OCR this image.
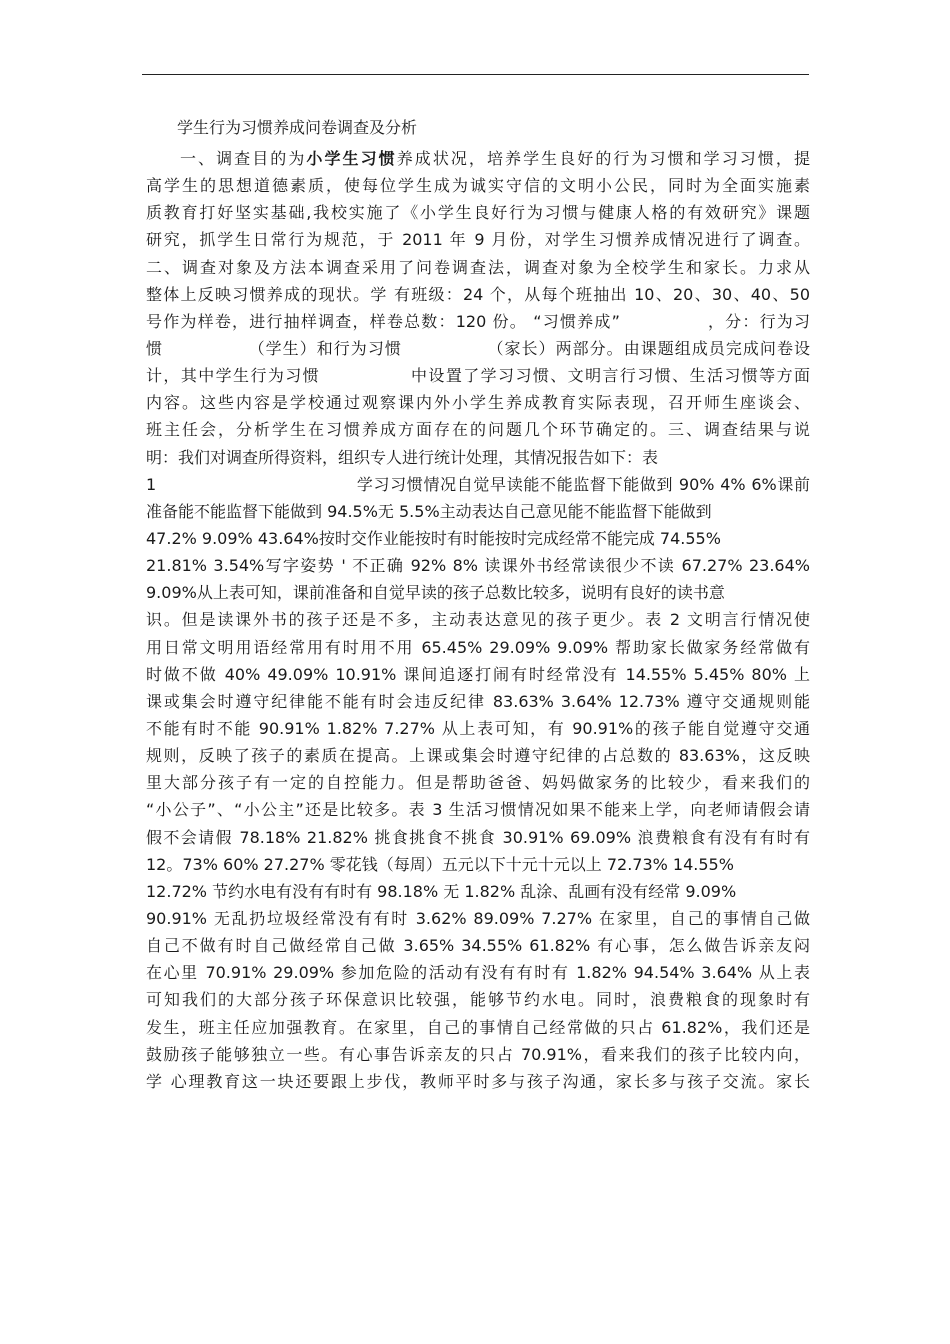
学生行为习惯养成问卷调查及分析
一、调查目的为小学生习惯养成状况，培养学生良好的行为习惯和学习习惯，提
高学生的思想道德素质，使每位学生成为诚实守信的文明小公民，同时为全面实施素
质教育打好坚实基础,我校实施了《小学生良好行为习惯与健康人格的有效研究》课题
研究，抓学生日常行为规范，于 2011 年 9 月份，对学生习惯养成情况进行了调查。
二、调查对象及方法本调查采用了问卷调查法，调查对象为全校学生和家长。力求从
整体上反映习惯养成的现状。学 有班级：24 个，从每个班抽出 10、20、30、40、50
号作为样卷，进行抽样调查，样卷总数：120 份。 “习惯养成”              ，分：行为习
惯              （学生）和行为习惯              （家长）两部分。由课题组成员完成问卷设
计，其中学生行为习惯              中设置了学习习惯、文明言行习惯、生活习惯等方面
内容。这些内容是学校通过观察课内外小学生养成教育实际表现，召开师生座谈会、
班主任会，分析学生在习惯养成方面存在的问题几个环节确定的。三、调查结果与说
明：我们对调查所得资料，组织专人进行统计处理，其情况报告如下：表
1                                   学习习惯情况自觉早读能不能监督下能做到 90% 4% 6%课前
准备能不能监督下能做到 94.5%无 5.5%主动表达自己意见能不能监督下能做到
47.2% 9.09% 43.64%按时交作业能按时有时能按时完成经常不能完成 74.55%
21.81% 3.54%写字姿势 ' 不正确 92% 8% 读课外书经常读很少不读 67.27% 23.64%
9.09%从上表可知，课前准备和自觉早读的孩子总数比较多，说明有良好的读书意
识。但是读课外书的孩子还是不多，主动表达意见的孩子更少。表 2 文明言行情况使
用日常文明用语经常用有时用不用 65.45% 29.09% 9.09% 帮助家长做家务经常做有
时做不做 40% 49.09% 10.91% 课间追逐打闹有时经常没有 14.55% 5.45% 80% 上
课或集会时遵守纪律能不能有时会违反纪律 83.63% 3.64% 12.73% 遵守交通规则能
不能有时不能 90.91% 1.82% 7.27% 从上表可知，有 90.91%的孩子能自觉遵守交通
规则，反映了孩子的素质在提高。上课或集会时遵守纪律的占总数的 83.63%，这反映
里大部分孩子有一定的自控能力。但是帮助爸爸、妈妈做家务的比较少，看来我们的
“小公子”、“小公主”还是比较多。表 3 生活习惯情况如果不能来上学，向老师请假会请
假不会请假 78.18% 21.82% 挑食挑食不挑食 30.91% 69.09% 浪费粮食有没有有时有
12。73% 60% 27.27% 零花钱（每周）五元以下十元十元以上 72.73% 14.55%
12.72% 节约水电有没有有时有 98.18% 无 1.82% 乱涂、乱画有没有经常 9.09%
90.91% 无乱扔垃圾经常没有有时 3.62% 89.09% 7.27% 在家里，自己的事情自己做
自己不做有时自己做经常自己做 3.65% 34.55% 61.82% 有心事，怎么做告诉亲友闷
在心里 70.91% 29.09% 参加危险的活动有没有有时有 1.82% 94.54% 3.64% 从上表
可知我们的大部分孩子环保意识比较强，能够节约水电。同时，浪费粮食的现象时有
发生，班主任应加强教育。在家里，自己的事情自己经常做的只占 61.82%，我们还是
鼓励孩子能够独立一些。有心事告诉亲友的只占 70.91%，看来我们的孩子比较内向，
学 心理教育这一块还要跟上步伐，教师平时多与孩子沟通，家长多与孩子交流。家长
